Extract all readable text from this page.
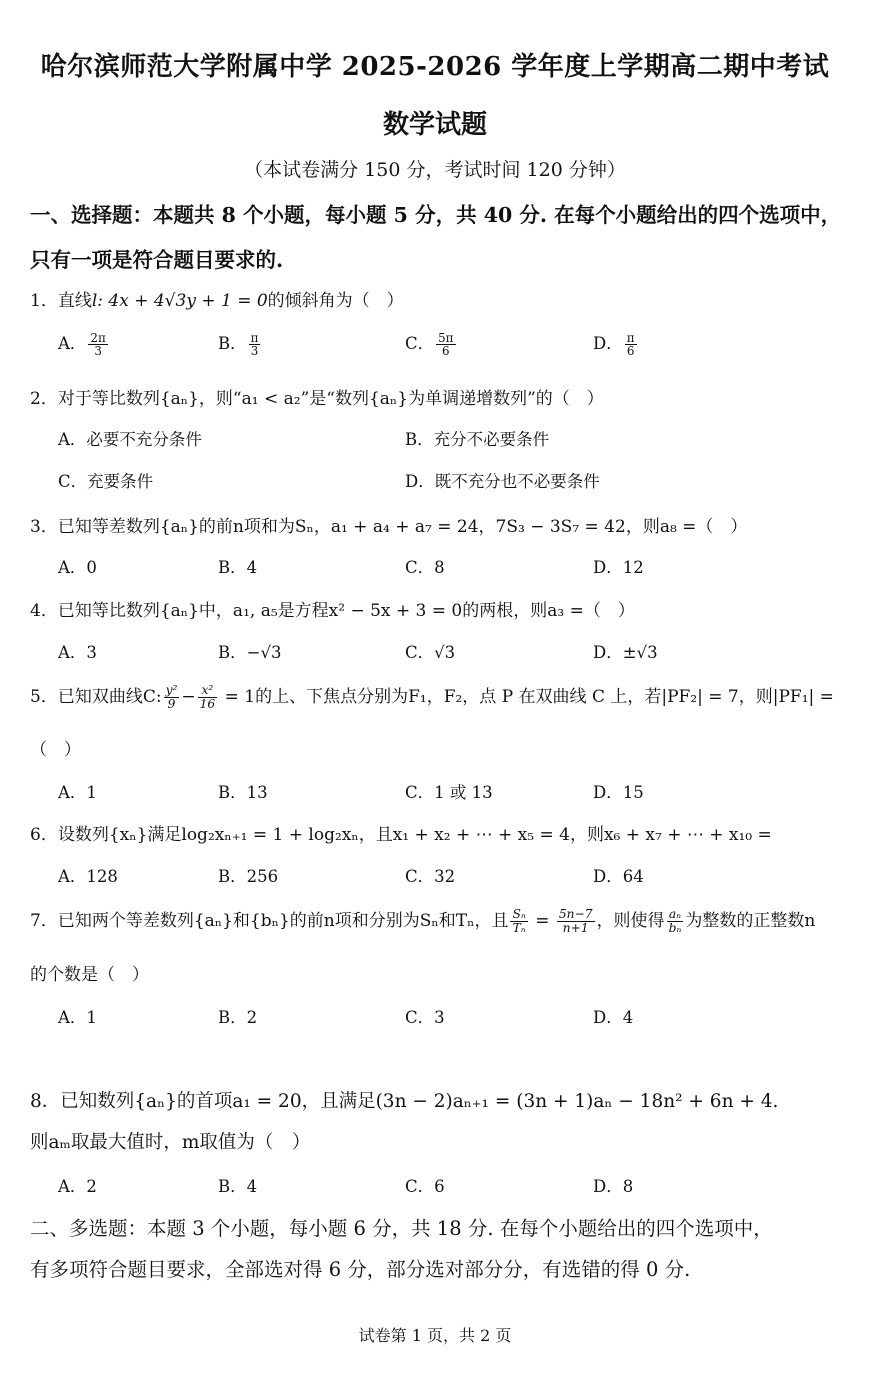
哈尔滨师范大学附属中学 2025-2026 学年度上学期高二期中考试
数学试题
（本试卷满分 150 分，考试时间 120 分钟）
一、选择题：本题共 8 个小题，每小题 5 分，共 40 分. 在每个小题给出的四个选项中，
只有一项是符合题目要求的.
1．直线l: 4x + 4√3y + 1 = 0的倾斜角为（　）
A． $\frac{2\pi}{3}$	B． $\frac{\pi}{3}$	C． $\frac{5\pi}{6}$	D． $\frac{\pi}{6}$
2．对于等比数列{aₙ}，则“a₁ < a₂”是“数列{aₙ}为单调递增数列”的（　）
A．必要不充分条件	B．充分不必要条件
C．充要条件	D．既不充分也不必要条件
3．已知等差数列{aₙ}的前n项和为Sₙ，a₁ + a₄ + a₇ = 24，7S₃ − 3S₇ = 42，则a₈ =（　）
A．0	B．4	C．8	D．12
4．已知等比数列{aₙ}中，a₁, a₅是方程x² − 5x + 3 = 0的两根，则a₃ =（　）
A．3	B．−√3	C．√3	D．±√3
5．已知双曲线C: $\frac{\text{y²}}{9} - \frac{\text{x²}}{16} = 1$的上、下焦点分别为F₁，F₂，点 P 在双曲线 C 上，若|PF₂| = 7，则|PF₁| =
（　）
A．1	B．13	C．1 或 13	D．15
6．设数列{xₙ}满足log₂xₙ₊₁ = 1 + log₂xₙ，且x₁ + x₂ + ⋯ + x₅ = 4，则x₆ + x₇ + ⋯ + x₁₀ =
A．128	B．256	C．32	D．64
7．已知两个等差数列{aₙ}和{bₙ}的前n项和分别为Sₙ和Tₙ，且 $\frac{\text{Sₙ}}{\text{Tₙ}} = \frac{5n-7}{n+1}$ ，则使得 $\frac{\text{aₙ}}{\text{bₙ}}$ 为整数的正整数n
的个数是（　）
A．1	B．2	C．3	D．4
8．已知数列{aₙ}的首项a₁ = 20，且满足(3n − 2)aₙ₊₁ = (3n + 1)aₙ − 18n² + 6n + 4.
则aₘ取最大值时，m取值为（　）
A．2	B．4	C．6	D．8
二、多选题：本题 3 个小题，每小题 6 分，共 18 分. 在每个小题给出的四个选项中，
有多项符合题目要求，全部选对得 6 分，部分选对部分分，有选错的得 0 分.
试卷第 1 页，共 2 页
